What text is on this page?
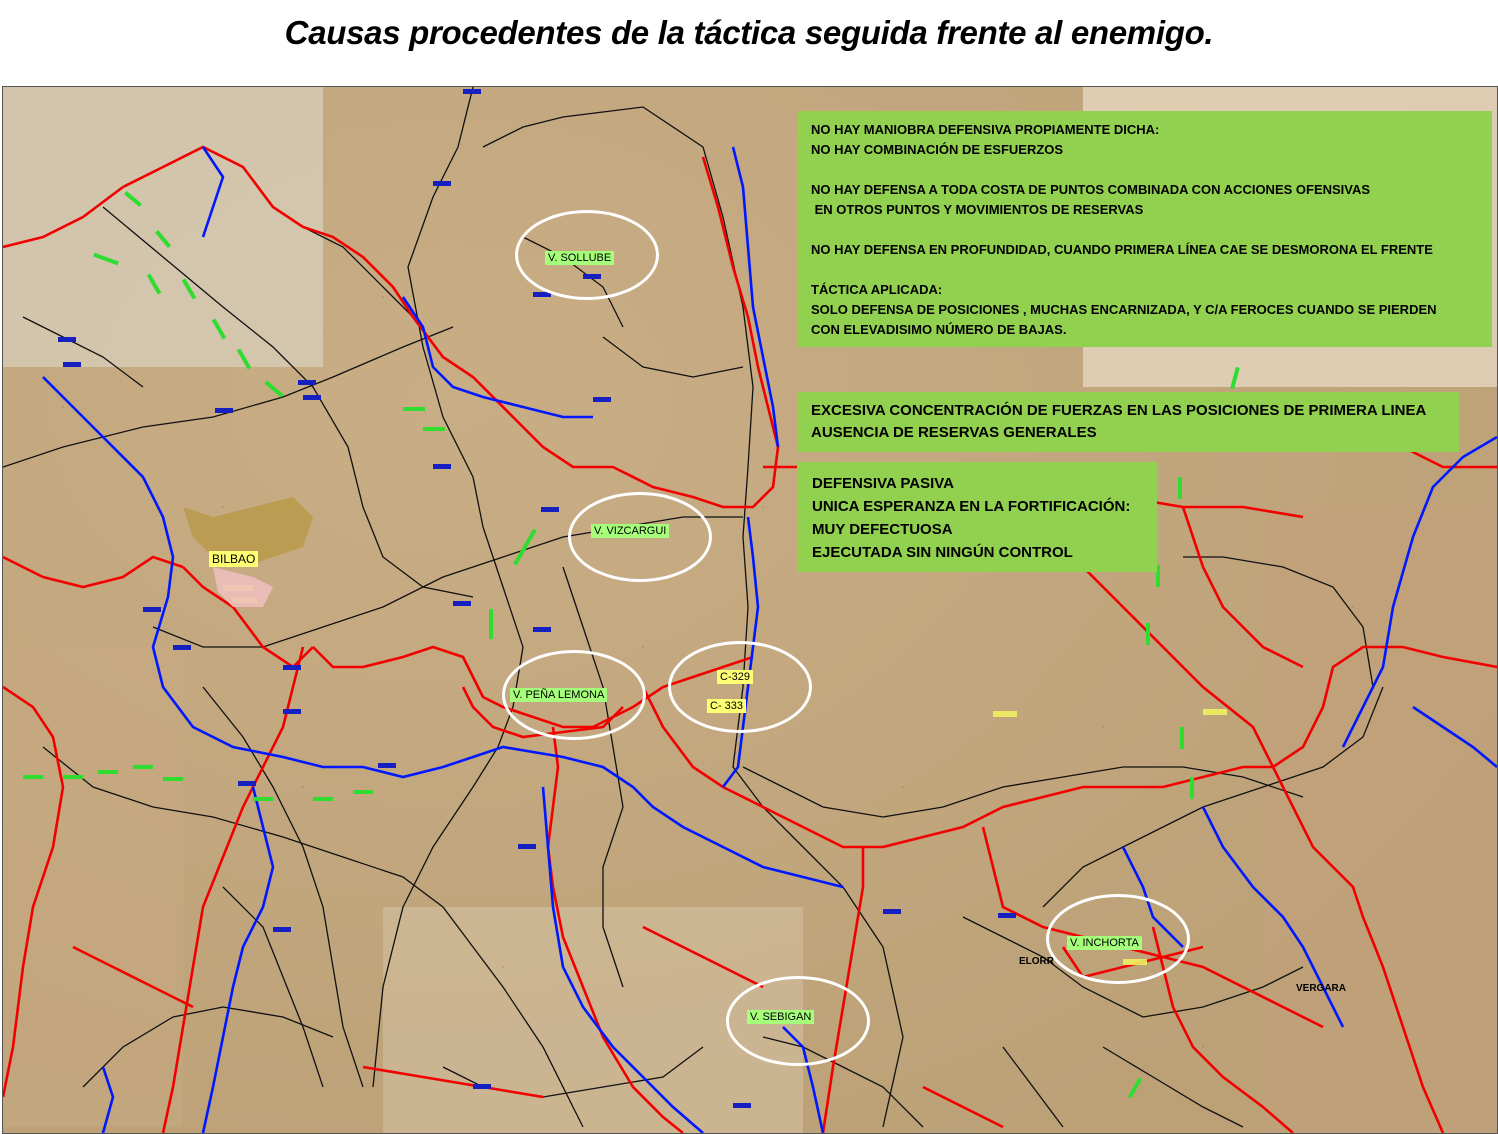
Causas procedentes de la táctica seguida frente al enemigo.
V. SOLLUBE
V. VIZCARGUI
V. PEÑA LEMONA
V. INCHORTA
V. SEBIGAN
BILBAO
C-329
C- 333
ELORR
VERGARA
NO HAY MANIOBRA DEFENSIVA PROPIAMENTE DICHA:
NO HAY COMBINACIÓN DE ESFUERZOS
NO HAY DEFENSA A TODA COSTA DE PUNTOS COMBINADA CON ACCIONES OFENSIVAS
EN OTROS PUNTOS Y MOVIMIENTOS DE RESERVAS
NO HAY DEFENSA EN PROFUNDIDAD, CUANDO PRIMERA LÍNEA CAE SE DESMORONA EL FRENTE
TÁCTICA APLICADA:
SOLO DEFENSA DE POSICIONES , MUCHAS ENCARNIZADA, Y C/A FEROCES CUANDO SE PIERDEN
CON ELEVADISIMO NÚMERO DE BAJAS.
EXCESIVA CONCENTRACIÓN DE FUERZAS EN LAS POSICIONES DE PRIMERA LINEA
AUSENCIA DE RESERVAS GENERALES
DEFENSIVA PASIVA
UNICA ESPERANZA EN LA FORTIFICACIÓN:
MUY DEFECTUOSA
EJECUTADA SIN NINGÚN CONTROL
